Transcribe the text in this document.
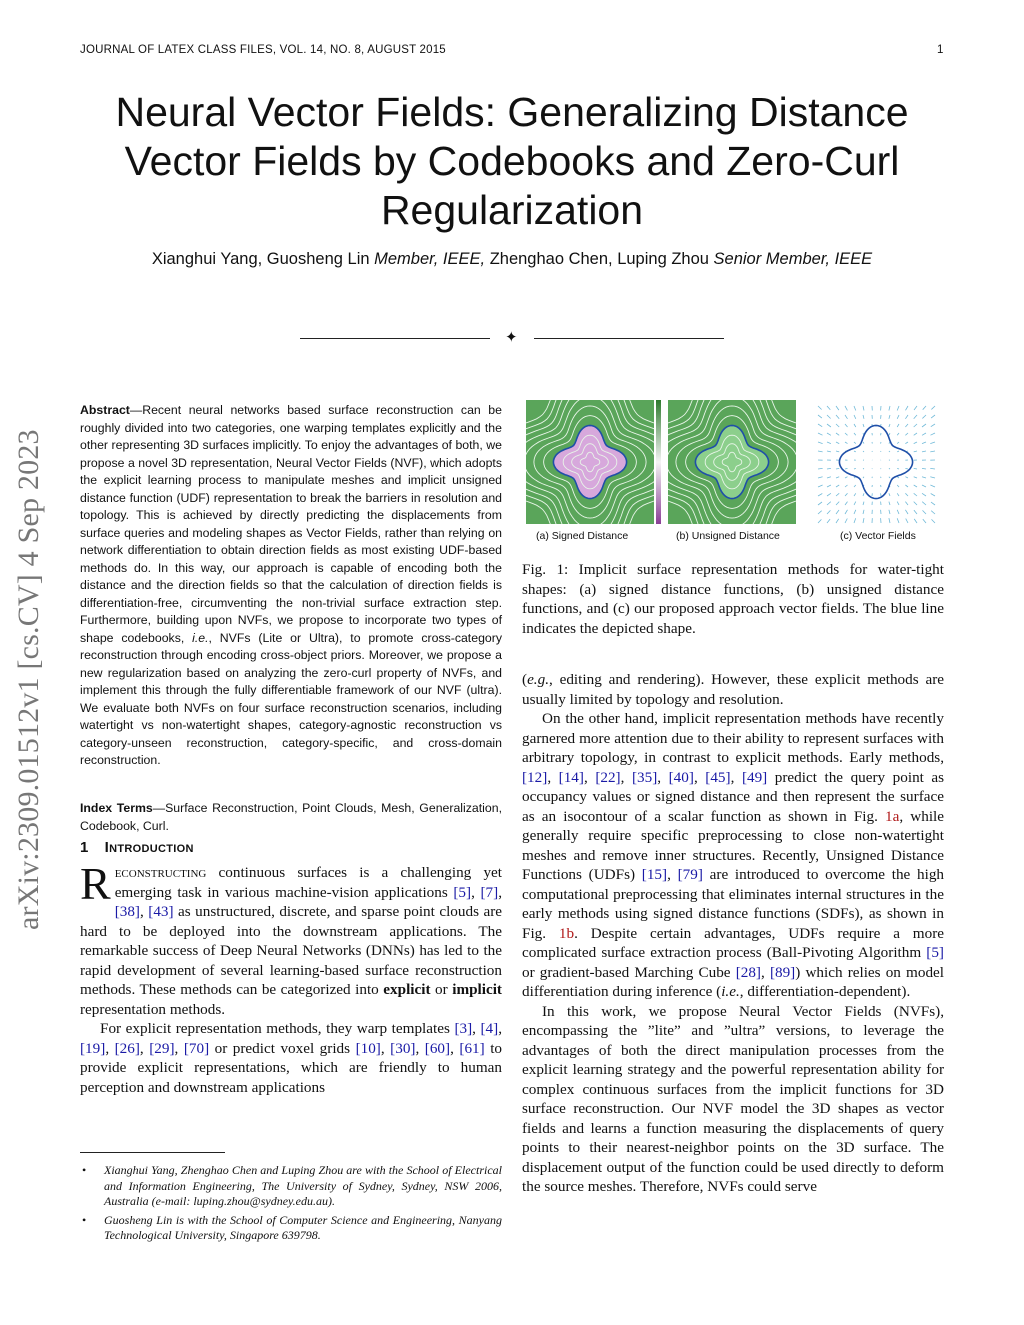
JOURNAL OF LATEX CLASS FILES, VOL. 14, NO. 8, AUGUST 2015	1
Neural Vector Fields: Generalizing Distance
Vector Fields by Codebooks and Zero-Curl
Regularization
Xianghui Yang, Guosheng Lin Member, IEEE, Zhenghao Chen, Luping Zhou Senior Member, IEEE
✦
arXiv:2309.01512v1 [cs.CV] 4 Sep 2023
Abstract—Recent neural networks based surface reconstruction can be roughly divided into two categories, one warping templates explicitly and the other representing 3D surfaces implicitly. To enjoy the advantages of both, we propose a novel 3D representation, Neural Vector Fields (NVF), which adopts the explicit learning process to manipulate meshes and implicit unsigned distance function (UDF) representation to break the barriers in resolution and topology. This is achieved by directly predicting the displacements from surface queries and modeling shapes as Vector Fields, rather than relying on network differentiation to obtain direction fields as most existing UDF-based methods do. In this way, our approach is capable of encoding both the distance and the direction fields so that the calculation of direction fields is differentiation-free, circumventing the non-trivial surface extraction step. Furthermore, building upon NVFs, we propose to incorporate two types of shape codebooks, i.e., NVFs (Lite or Ultra), to promote cross-category reconstruction through encoding cross-object priors. Moreover, we propose a new regularization based on analyzing the zero-curl property of NVFs, and implement this through the fully differentiable framework of our NVF (ultra). We evaluate both NVFs on four surface reconstruction scenarios, including watertight vs non-watertight shapes, category-agnostic reconstruction vs category-unseen reconstruction, category-specific, and cross-domain reconstruction.
Index Terms—Surface Reconstruction, Point Clouds, Mesh, Generalization, Codebook, Curl.
1 Introduction

Reconstructing continuous surfaces is a challenging yet emerging task in various machine-vision applications [5], [7], [38], [43] as unstructured, discrete, and sparse point clouds are hard to be deployed into the downstream applications. The remarkable success of Deep Neural Networks (DNNs) has led to the rapid development of several learning-based surface reconstruction methods. These methods can be categorized into explicit or implicit representation methods.

For explicit representation methods, they warp templates [3], [4], [19], [26], [29], [70] or predict voxel grids [10], [30], [60], [61] to provide explicit representations, which are friendly to human perception and downstream applications

• Xianghui Yang, Zhenghao Chen and Luping Zhou are with the School of Electrical and Information Engineering, The University of Sydney, Sydney, NSW 2006, Australia (e-mail: luping.zhou@sydney.edu.au).
• Guosheng Lin is with the School of Computer Science and Engineering, Nanyang Technological University, Singapore 639798.
(a) Signed Distance	(b) Unsigned Distance	(c) Vector Fields
Fig. 1: Implicit surface representation methods for water-tight shapes: (a) signed distance functions, (b) unsigned distance functions, and (c) our proposed approach vector fields. The blue line indicates the depicted shape.

(e.g., editing and rendering). However, these explicit methods are usually limited by topology and resolution.

On the other hand, implicit representation methods have recently garnered more attention due to their ability to represent surfaces with arbitrary topology, in contrast to explicit methods. Early methods, [12], [14], [22], [35], [40], [45], [49] predict the query point as occupancy values or signed distance and then represent the surface as an isocontour of a scalar function as shown in Fig. 1a, while generally require specific preprocessing to close non-watertight meshes and remove inner structures. Recently, Unsigned Distance Functions (UDFs) [15], [79] are introduced to overcome the high computational preprocessing that eliminates internal structures in the early methods using signed distance functions (SDFs), as shown in Fig. 1b. Despite certain advantages, UDFs require a more complicated surface extraction process (Ball-Pivoting Algorithm [5] or gradient-based Marching Cube [28], [89]) which relies on model differentiation during inference (i.e., differentiation-dependent).

In this work, we propose Neural Vector Fields (NVFs), encompassing the ”lite” and ”ultra” versions, to leverage the advantages of both the direct manipulation processes from the explicit learning strategy and the powerful representation ability for complex continuous surfaces from the implicit functions for 3D surface reconstruction. Our NVF model the 3D shapes as vector fields and learns a function measuring the displacements of query points to their nearest-neighbor points on the 3D surface. The displacement output of the function could be used directly to deform the source meshes. Therefore, NVFs could serve
